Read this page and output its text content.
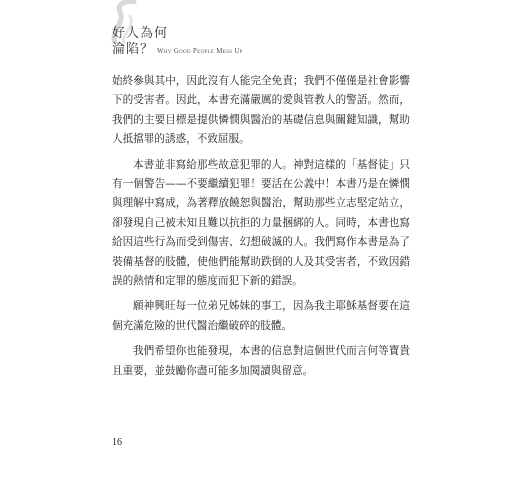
好人為何
淪陷？ Why Good People Mess Up

始終參與其中，因此沒有人能完全免責；我們不僅僅是社會影響下的受害者。因此，本書充滿嚴厲的愛與管教人的警語。然而，我們的主要目標是提供憐憫與醫治的基礎信息與關鍵知識，幫助人抵擋罪的誘惑，不致屈服。

本書並非寫給那些故意犯罪的人。神對這樣的「基督徒」只有一個警告——不要繼續犯罪！要活在公義中！本書乃是在憐憫與理解中寫成，為著釋放饒恕與醫治，幫助那些立志堅定站立，卻發現自己被未知且難以抗拒的力量捆綁的人。同時，本書也寫給因這些行為而受到傷害、幻想破滅的人。我們寫作本書是為了裝備基督的肢體，使他們能幫助跌倒的人及其受害者，不致因錯誤的熱情和定罪的態度而犯下新的錯誤。

願神興旺每一位弟兄姊妹的事工，因為我主耶穌基督要在這個充滿危險的世代醫治繼破碎的肢體。

我們希望你也能發現，本書的信息對這個世代而言何等寶貴且重要，並鼓勵你盡可能多加閱讀與留意。

16
